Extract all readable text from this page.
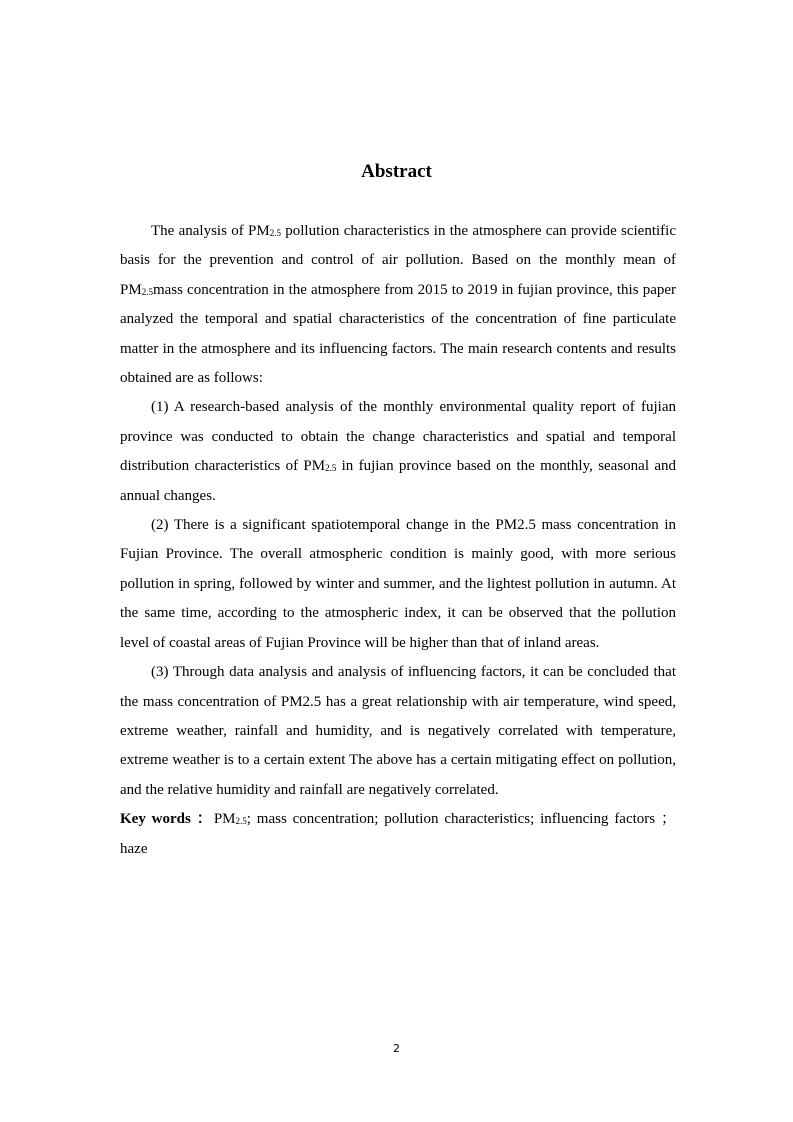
Abstract

The analysis of PM2.5 pollution characteristics in the atmosphere can provide scientific basis for the prevention and control of air pollution. Based on the monthly mean of PM2.5mass concentration in the atmosphere from 2015 to 2019 in fujian province, this paper analyzed the temporal and spatial characteristics of the concentration of fine particulate matter in the atmosphere and its influencing factors. The main research contents and results obtained are as follows:

(1) A research-based analysis of the monthly environmental quality report of fujian province was conducted to obtain the change characteristics and spatial and temporal distribution characteristics of PM2.5 in fujian province based on the monthly, seasonal and annual changes.

(2) There is a significant spatiotemporal change in the PM2.5 mass concentration in Fujian Province. The overall atmospheric condition is mainly good, with more serious pollution in spring, followed by winter and summer, and the lightest pollution in autumn. At the same time, according to the atmospheric index, it can be observed that the pollution level of coastal areas of Fujian Province will be higher than that of inland areas.

(3) Through data analysis and analysis of influencing factors, it can be concluded that the mass concentration of PM2.5 has a great relationship with air temperature, wind speed, extreme weather, rainfall and humidity, and is negatively correlated with temperature, extreme weather is to a certain extent The above has a certain mitigating effect on pollution, and the relative humidity and rainfall are negatively correlated.

Key words ：PM2.5; mass concentration; pollution characteristics; influencing factors ； haze

2
